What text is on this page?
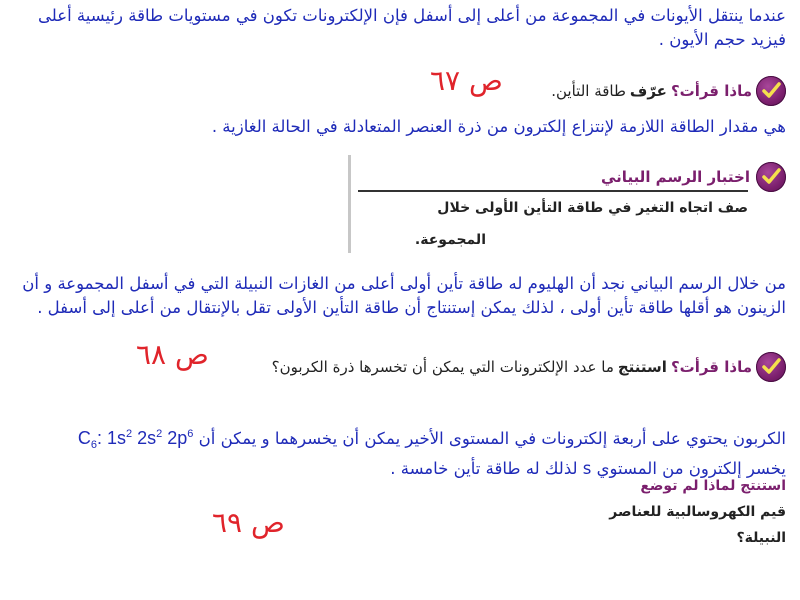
عندما ينتقل الأيونات في المجموعة من أعلى إلى أسفل فإن الإلكترونات تكون في مستويات طاقة رئيسية أعلى
فيزيد حجم الأيون .
ص ٦٧	ماذا قرأت؟
عرّف
طاقة التأين.
هي مقدار الطاقة اللازمة لإنتزاع إلكترون من ذرة العنصر المتعادلة في الحالة الغازية .
اختبار الرسم البياني
صف اتجاه التغير في طاقة التأين الأولى خلال
المجموعة.
من خلال الرسم البياني نجد أن الهليوم له طاقة تأين أولى أعلى من الغازات النبيلة التي في أسفل المجموعة و أن
الزينون هو أقلها طاقة تأين أولى ، لذلك يمكن إستنتاج أن طاقة التأين الأولى تقل بالإنتقال من أعلى إلى أسفل .
ص ٦٨	ماذا قرأت؟
استنتج
ما عدد الإلكترونات التي يمكن أن تخسرها ذرة الكربون؟
الكربون يحتوي على أربعة إلكترونات في المستوى الأخير يمكن أن يخسرهما و يمكن أن $C_6$: $1s^2$ $2s^2$ $2p^6$
يخسر إلكترون من المستوي s لذلك له طاقة تأين خامسة .
استنتج لماذا لم توضع
قيم الكهروسالبية للعناصر
النبيلة؟
ص ٦٩
